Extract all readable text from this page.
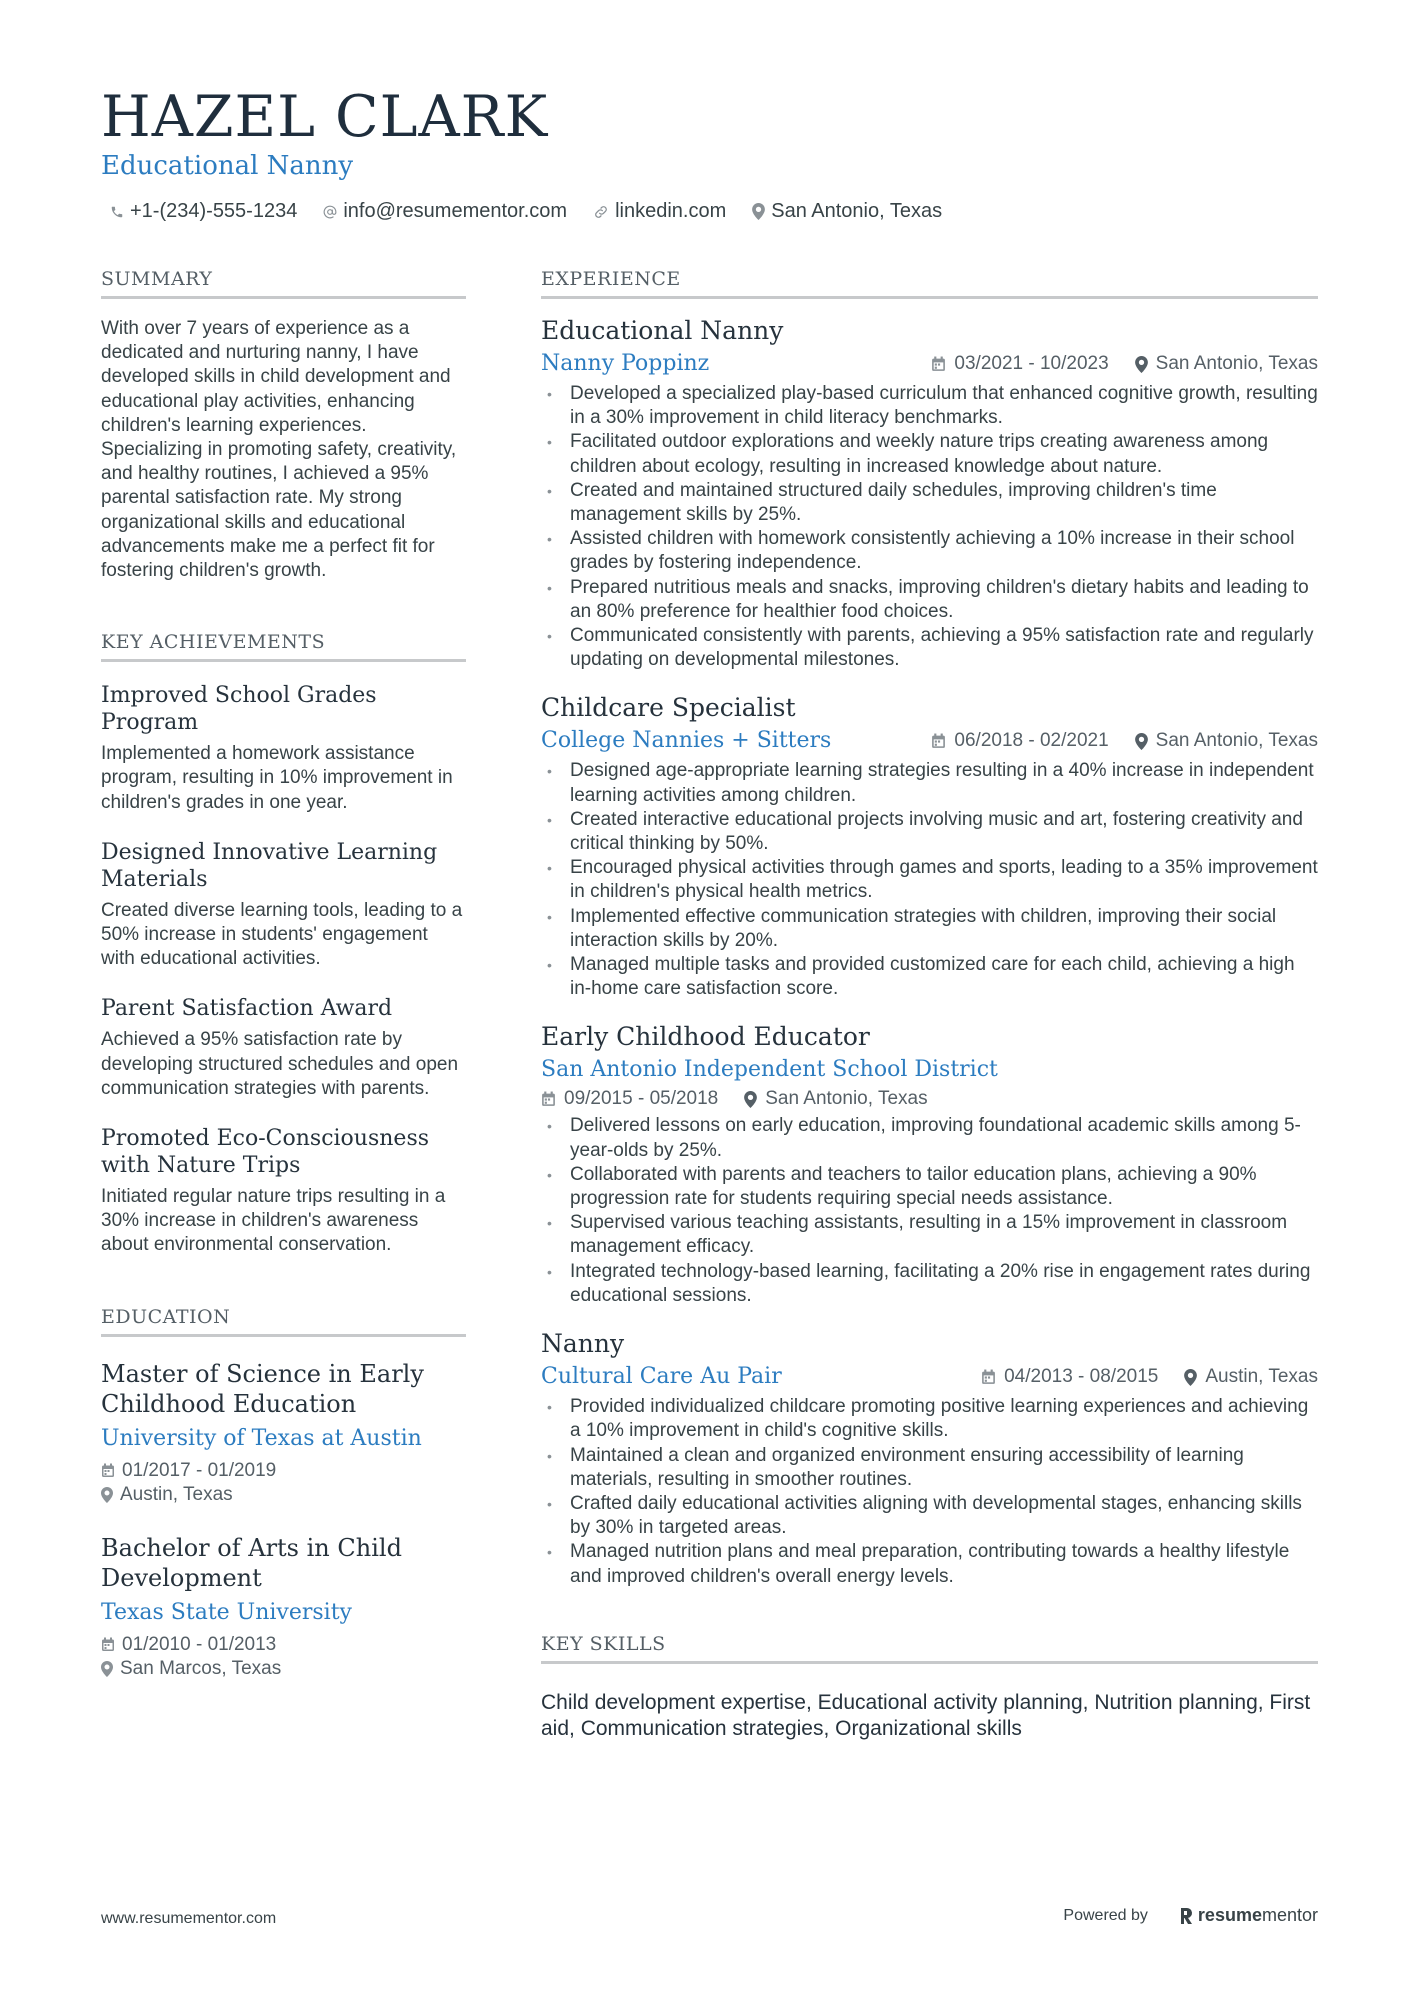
HAZEL CLARK
Educational Nanny
+1-(234)-555-1234 info@resumementor.com linkedin.com San Antonio, Texas
SUMMARY
With over 7 years of experience as a dedicated and nurturing nanny, I have developed skills in child development and educational play activities, enhancing children's learning experiences. Specializing in promoting safety, creativity, and healthy routines, I achieved a 95% parental satisfaction rate. My strong organizational skills and educational advancements make me a perfect fit for fostering children's growth.
KEY ACHIEVEMENTS
Improved School Grades Program
Implemented a homework assistance program, resulting in 10% improvement in children's grades in one year.
Designed Innovative Learning Materials
Created diverse learning tools, leading to a 50% increase in students' engagement with educational activities.
Parent Satisfaction Award
Achieved a 95% satisfaction rate by developing structured schedules and open communication strategies with parents.
Promoted Eco-Consciousness with Nature Trips
Initiated regular nature trips resulting in a 30% increase in children's awareness about environmental conservation.
EDUCATION
Master of Science in Early Childhood Education
University of Texas at Austin
01/2017 - 01/2019
Austin, Texas
Bachelor of Arts in Child Development
Texas State University
01/2010 - 01/2013
San Marcos, Texas
EXPERIENCE
Educational Nanny
Nanny Poppinz	03/2021 - 10/2023 San Antonio, Texas
• Developed a specialized play-based curriculum that enhanced cognitive growth, resulting in a 30% improvement in child literacy benchmarks.
• Facilitated outdoor explorations and weekly nature trips creating awareness among children about ecology, resulting in increased knowledge about nature.
• Created and maintained structured daily schedules, improving children's time management skills by 25%.
• Assisted children with homework consistently achieving a 10% increase in their school grades by fostering independence.
• Prepared nutritious meals and snacks, improving children's dietary habits and leading to an 80% preference for healthier food choices.
• Communicated consistently with parents, achieving a 95% satisfaction rate and regularly updating on developmental milestones.
Childcare Specialist
College Nannies + Sitters	06/2018 - 02/2021 San Antonio, Texas
• Designed age-appropriate learning strategies resulting in a 40% increase in independent learning activities among children.
• Created interactive educational projects involving music and art, fostering creativity and critical thinking by 50%.
• Encouraged physical activities through games and sports, leading to a 35% improvement in children's physical health metrics.
• Implemented effective communication strategies with children, improving their social interaction skills by 20%.
• Managed multiple tasks and provided customized care for each child, achieving a high in-home care satisfaction score.
Early Childhood Educator
San Antonio Independent School District
09/2015 - 05/2018 San Antonio, Texas
• Delivered lessons on early education, improving foundational academic skills among 5-year-olds by 25%.
• Collaborated with parents and teachers to tailor education plans, achieving a 90% progression rate for students requiring special needs assistance.
• Supervised various teaching assistants, resulting in a 15% improvement in classroom management efficacy.
• Integrated technology-based learning, facilitating a 20% rise in engagement rates during educational sessions.
Nanny
Cultural Care Au Pair	04/2013 - 08/2015 Austin, Texas
• Provided individualized childcare promoting positive learning experiences and achieving a 10% improvement in child's cognitive skills.
• Maintained a clean and organized environment ensuring accessibility of learning materials, resulting in smoother routines.
• Crafted daily educational activities aligning with developmental stages, enhancing skills by 30% in targeted areas.
• Managed nutrition plans and meal preparation, contributing towards a healthy lifestyle and improved children's overall energy levels.
KEY SKILLS
Child development expertise, Educational activity planning, Nutrition planning, First aid, Communication strategies, Organizational skills
www.resumementor.com	Powered by	resume mentor
